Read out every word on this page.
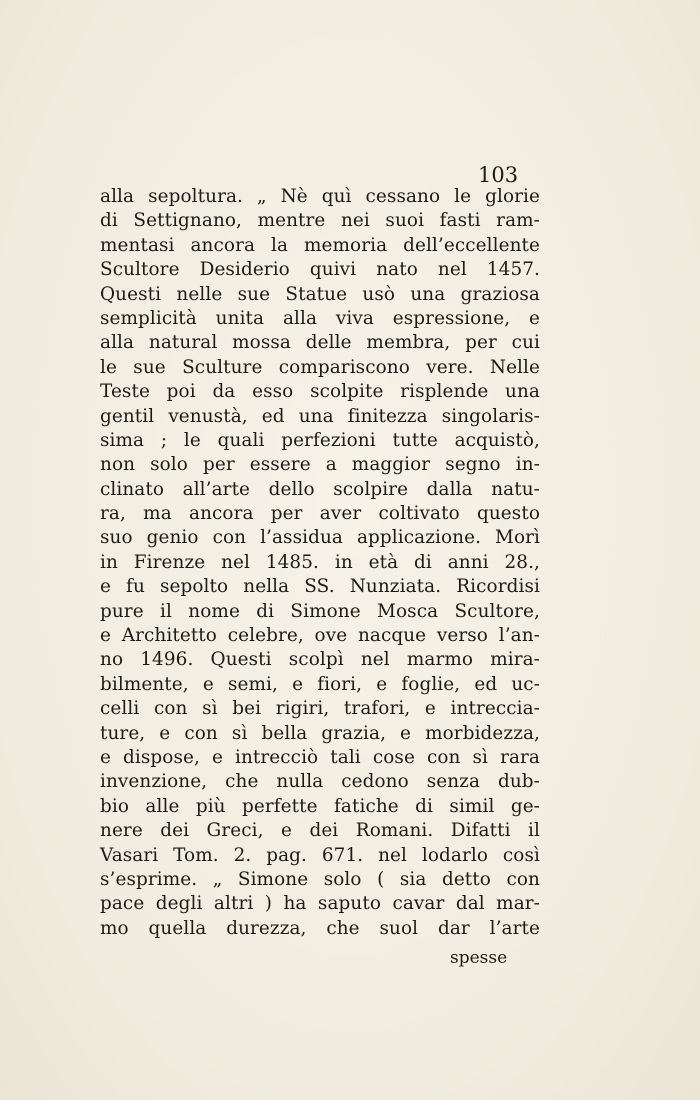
103
alla sepoltura. „ Nè quì cessano le glorie
di Settignano, mentre nei suoi fasti ram-
mentasi ancora la memoria dell’eccellente
Scultore Desiderio quivi nato nel 1457.
Questi nelle sue Statue usò una graziosa
semplicità unita alla viva espressione, e
alla natural mossa delle membra, per cui
le sue Sculture compariscono vere. Nelle
Teste poi da esso scolpite risplende una
gentil venustà, ed una finitezza singolaris-
sima ; le quali perfezioni tutte acquistò,
non solo per essere a maggior segno in-
clinato all’arte dello scolpire dalla natu-
ra, ma ancora per aver coltivato questo
suo genio con l’assidua applicazione. Morì
in Firenze nel 1485. in età di anni 28.,
e fu sepolto nella SS. Nunziata. Ricordisi
pure il nome di Simone Mosca Scultore,
e Architetto celebre, ove nacque verso l’an-
no 1496. Questi scolpì nel marmo mira-
bilmente, e semi, e fiori, e foglie, ed uc-
celli con sì bei rigiri, trafori, e intreccia-
ture, e con sì bella grazia, e morbidezza,
e dispose, e intrecciò tali cose con sì rara
invenzione, che nulla cedono senza dub-
bio alle più perfette fatiche di simil ge-
nere dei Greci, e dei Romani. Difatti il
Vasari Tom. 2. pag. 671. nel lodarlo così
s’esprime. „ Simone solo ( sia detto con
pace degli altri ) ha saputo cavar dal mar-
mo quella durezza, che suol dar l’arte
spesse
